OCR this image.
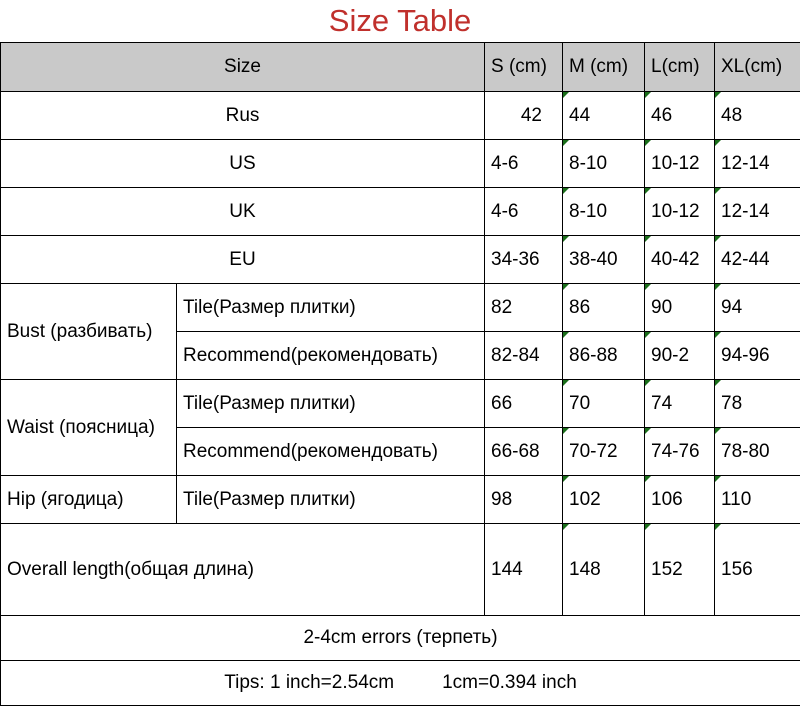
Size Table
Size		S (cm)	M (cm)	L(cm)	XL(cm)
Rus		42	44	46	48
US		4-6	8-10	10-12	12-14
UK		4-6	8-10	10-12	12-14
EU		34-36	38-40	40-42	42-44
Bust (разбивать)	Tile(Размер плитки)	82	86	90	94
	Recommend(рекомендовать)	82-84	86-88	90-2	94-96
Waist (поясница)	Tile(Размер плитки)	66	70	74	78
	Recommend(рекомендовать)	66-68	70-72	74-76	78-80
Hip (ягодица)	Tile(Размер плитки)	98	102	106	110
Overall length(общая длина)		144	148	152	156
2-4cm errors (терпеть)					
Tips: 1 inch=2.54cm 1cm=0.394 inch					
